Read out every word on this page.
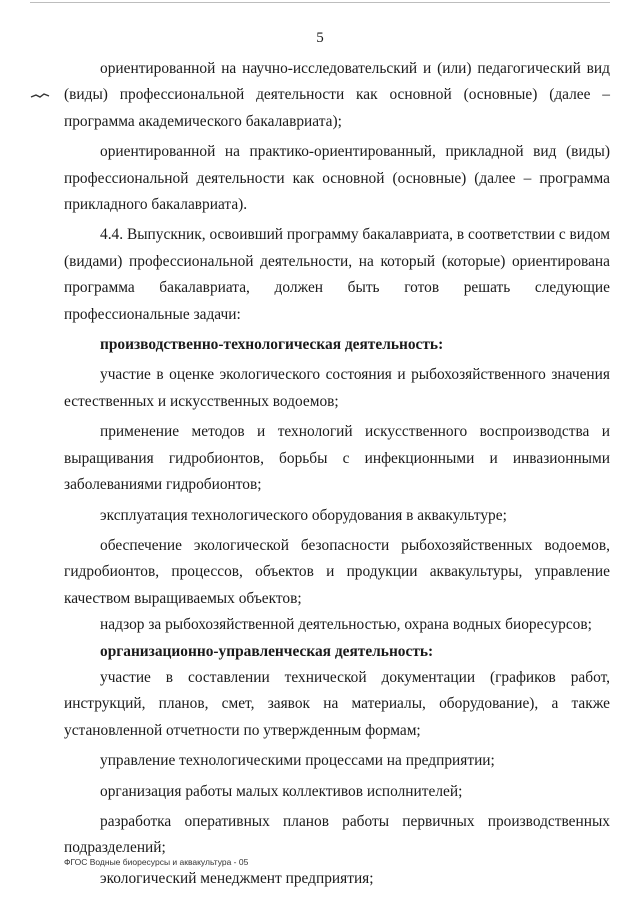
5

ориентированной на научно-исследовательский и (или) педагогический вид (виды) профессиональной деятельности как основной (основные) (далее – программа академического бакалавриата);

ориентированной на практико-ориентированный, прикладной вид (виды) профессиональной деятельности как основной (основные) (далее – программа прикладного бакалавриата).

4.4. Выпускник, освоивший программу бакалавриата, в соответствии с видом (видами) профессиональной деятельности, на который (которые) ориентирована программа бакалавриата, должен быть готов решать следующие профессиональные задачи:

производственно-технологическая деятельность:

участие в оценке экологического состояния и рыбохозяйственного значения естественных и искусственных водоемов;

применение методов и технологий искусственного воспроизводства и выращивания гидробионтов, борьбы с инфекционными и инвазионными заболеваниями гидробионтов;

эксплуатация технологического оборудования в аквакультуре;

обеспечение экологической безопасности рыбохозяйственных водоемов, гидробионтов, процессов, объектов и продукции аквакультуры, управление качеством выращиваемых объектов;

надзор за рыбохозяйственной деятельностью, охрана водных биоресурсов;

организационно-управленческая деятельность:

участие в составлении технической документации (графиков работ, инструкций, планов, смет, заявок на материалы, оборудование), а также установленной отчетности по утвержденным формам;

управление технологическими процессами на предприятии;

организация работы малых коллективов исполнителей;

разработка оперативных планов работы первичных производственных подразделений;

экологический менеджмент предприятия;

ФГОС Водные биоресурсы и аквакультура - 05
